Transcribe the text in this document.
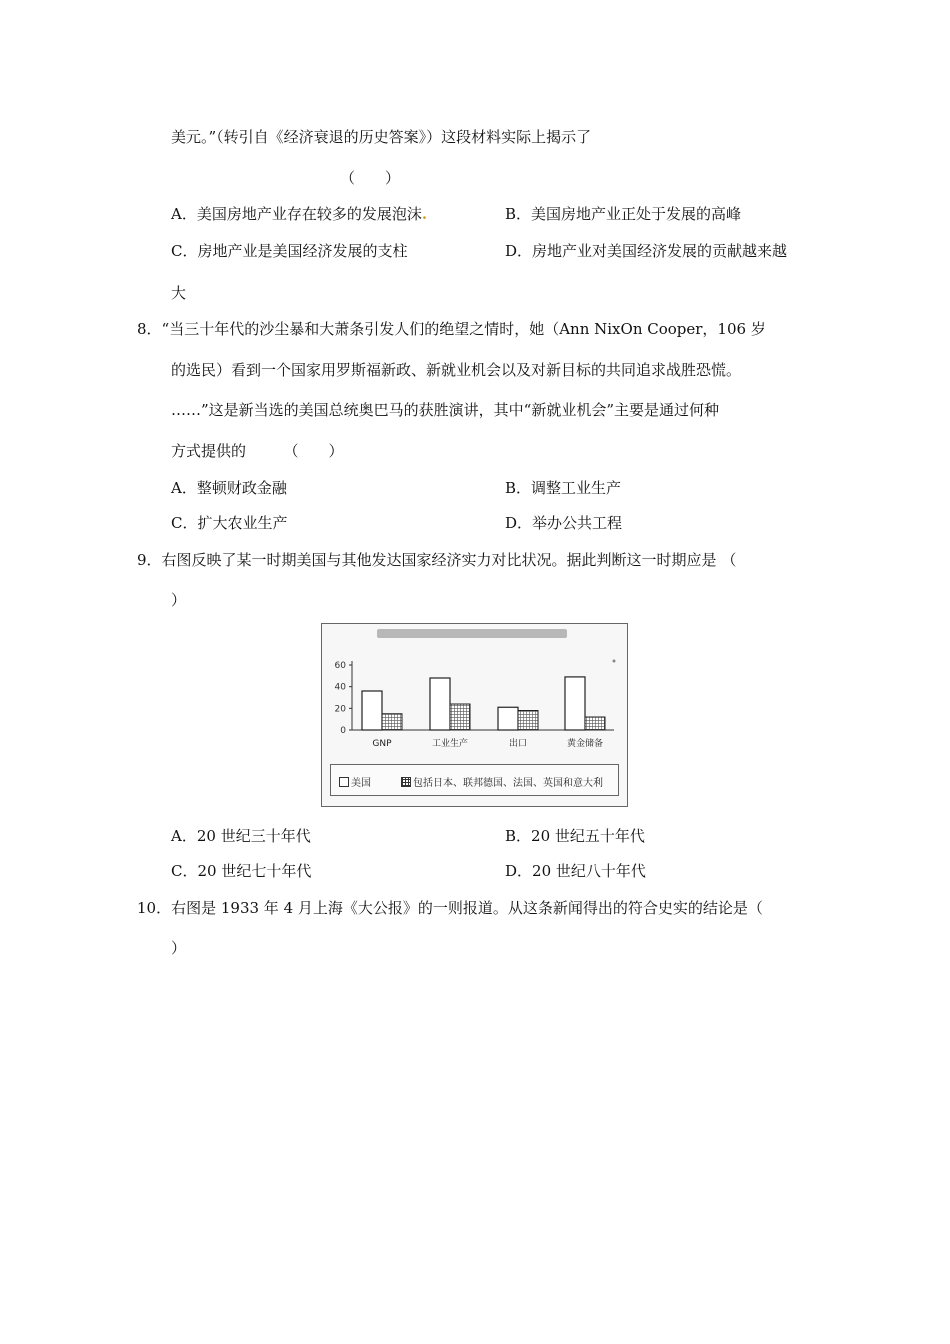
美元。”（转引自《经济衰退的历史答案》）这段材料实际上揭示了
（　　）
A．美国房地产业存在较多的发展泡沫.	B．美国房地产业正处于发展的高峰
C．房地产业是美国经济发展的支柱	D．房地产业对美国经济发展的贡献越来越
大
8．“当三十年代的沙尘暴和大萧条引发人们的绝望之情时，她（Ann NixOn Cooper，106 岁
的选民）看到一个国家用罗斯福新政、新就业机会以及对新目标的共同追求战胜恐慌。
……”这是新当选的美国总统奥巴马的获胜演讲，其中“新就业机会”主要是通过何种
方式提供的　　　（　　）
A．整顿财政金融	B．调整工业生产
C．扩大农业生产	D．举办公共工程
9．右图反映了某一时期美国与其他发达国家经济实力对比状况。据此判断这一时期应是 （
）
0
20
40
60
GNP	工业生产	出口	黄金储备
美国	包括日本、联邦德国、法国、英国和意大利
A．20 世纪三十年代	B．20 世纪五十年代
C．20 世纪七十年代	D．20 世纪八十年代
10．右图是 1933 年 4 月上海《大公报》的一则报道。从这条新闻得出的符合史实的结论是（
）
